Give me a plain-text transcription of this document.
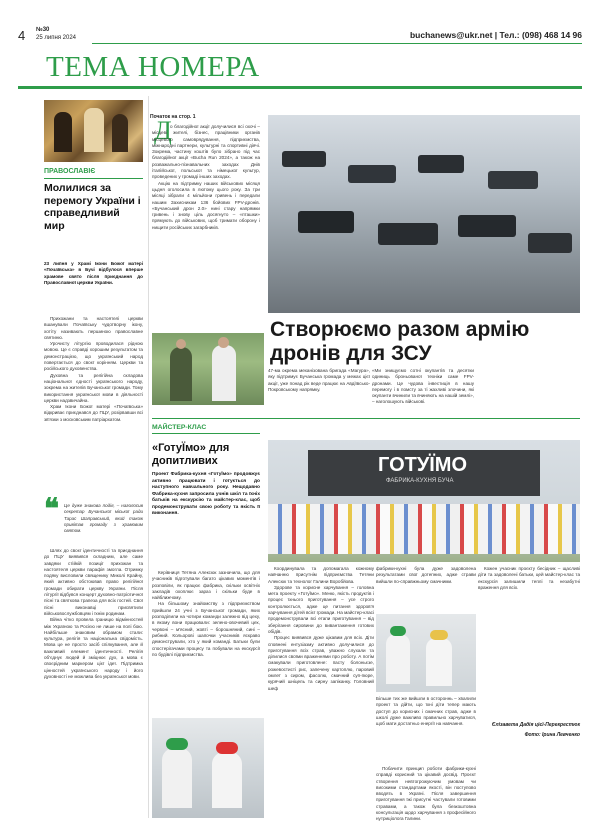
4 №30
25 липня 2024	buchanews@ukr.net | Тел.: (098) 468 14 96
ТЕМА НОМЕРА
ПРАВОСЛАВІЄ
Молилися за перемогу України і справедливий мир
23 липня у Храмі Ікони Божої матері «Почаївська» в Бучі відбулося вперше храмове свято після приєднання до Православної церкви України.

Прихожани та настоятелі церкви вшанували Почаївську чудотворну ікону, хотіту називають першиною православне святиню.

Урочисту літургію проводилася рідною мовою. Це є справді хорошим результатом та демонстрацією, що український народ повертається до своєї корінням. Церкви та російського духовенства.

Духовна та релігійна складова національної єдності українського народу, зокрема на жителів Бучанської громади. Тому використання української мови в діяльності церкви надзвичайна.

Храм Ікони Божої матері «Почаївська» відкриває приєднався до ПЦУ, розірвавши всі зв'язки з московським патріархатом.

❝ Це дуже знакова подія, – наголосив секретар Бучанської міської ради Тарас Шаправський, який також привітав громаду з храмовим святом.

Шлях до своєї ідентичності та приєднання до ПЦУ виявився складним, але саме завдяки стійкій позиції прихожан та настоятеля церкви парафія змогла. Отримку подяку висловили священику Миколі Крайну, який активно обстоював право релігійної громади обирати церкву України. Після літургії відбувся концерт духовно-патріотичної пісні та святкова трапеза для всіх гостей. Свої пісні виконавці присвятили військовослужбовцям і їхнім родинам.

Війна чітко провела границю відмінностей між Україною та Росією не лише на полі бою. Найбільше знаковим обрамом стали: культура, релігія та національна свідомість. Мова це не просто засіб спілкування, але й важливий елемент ідентичності. Релігія об'єднує людей й зміцнює дух, а мова є своєрідним маркером цієї ідеї. Підтримка цінностей українського народу і його духовності не можлива без української мови.

Початок на стор. 1
Д

о благодійної акції долучилися всі охочі – місцеві жителі, бізнес, працівники органів місцевого самоврядування, підприємства, міжнародні партнери, культурні та спортивні діячі. Зокрема, частину коштів було зібрано під час благодійної акції «Bucha Run 2024», а також на розважально-пізнавальних заходах Днів італійської, польської та німецької культур, проведених у громаді інших заходах.

Акцію на підтримку наших військових місяця цьдня оголосила в лютому цього року. За три місяці зібрали 4 мільйони гривень і передали нашим Захисникам 136 бойових FPV-дронів. «Бучанський дрон 2.0» нині стару напрямки гривень і знову ціль досягнуто – «пташки» прямують до військових, щоб тримати оборону і нищити російських загарбників.

Створюємо разом армію дронів для ЗСУ
47-ма окрема механізована бригада «Магура», яку підтримує Бучанська громада у межах цієї акції, уже понад рік веде працює на Авдіївсько-Покровському напрямку.
«Ми знищуємо сотні окупантів та десятки одиниць броньованої техніки саме FPV-дронами. Це чудова інвестиція в нашу перемогу і в помсту за ті жахливі злочини, які окупанти вчинили та вчиняють на нашій землі», – наголошують військові.
МАЙСТЕР-КЛАС
«ГотуЇмо» для допитливих
Проект Фабрика-кухня «ГотуЇмо» продовжує активно працювати і готується до наступного навчального року. Нещодавно Фабрика-кухня запросила учнів шкіл та їхніх батьків на екскурсію та майстер-клас, щоб продемонструвати свою роботу та якість її виконання.

Керівниця Тетяна Алексюк зазначила, що для учасників підготували багато цікавих моментів і розповіли, як працює фабрика, скільки освітніх закладів охоплює зараз і скільки буде в найближчому.

На більшому знайомству з підприємством прийшли 24 учні з Бучанської громади, яких розподілили на чотири команди залежно від цеху, в якому вони працювали: зелено-овочевий цех, червоні – м'ясний, жовті – борошняний, сині – рибний. Кольорові шапочки учасників яскраво демонстрували, хто у який команді. Батьки були спостерігачами процесу та побували на екскурсії по будівлі підприємства.

ГОТУЇМО
ФАБРИКА-КУХНЯ БУЧА

Координувала та допомагала кожному навчанню присутнім підприємства Тетяни Алексюк та технолог Галини Воробйова.

Здорове та корисне харчування – головна мета проекту «ГотуЇмо». Меню, якість продуктів і процес їхнього приготування – усе строго контролюється, адже це питання здоров'я харчування дітей всієї громади. На майстер-класі продемонстрували всі етапи приготування – від зберігання сировини до вивантаження готових обідів.

Процес виявився дуже цікавим для всіх. Діти сповнені ентузіазму активно долучилися до приготування всіх страв, уважно слухали та ділилися своїми враженнями про роботу. А потім смакували приготовлене: пасту болоньєзе, рожевостисті рис, запечену картоплю, паровий омлет з сиром, фасолю, смачний суп-пюре, курячий шніцель та сирну запіканку. Головний шеф

фабрики-кухні була дуже задоволена результатами свої дотепних, адже страви вийшли по-справжньому смачними.
Більше тих же вийшли в остороннь – хвалили проект та дійти, що їхні діти тепер мають доступ до корисних і смачних страв, адже в школі дуже важливо правильно харчуватися, щоб мати достатньо енергії на навчання.

Побачити принцип роботи фабрики-кухні справді корисний та цікавий досвід. Проєкт створення невтогрожуючим умовам чи високими стандартами якості, він поступово вводять в Україні. Після завершення приготування їжі присутні частували готовими стравами, а також була безкоштовна консультація щодо харчування з професійного нутриціолога Галини.

Кожен учасник проєкту бесідник – щасливі діти та задоволені батьки, цей майстер-клас та екскурсія залишили теплі та незабутні враження для всіх.

Єлізавета Дадія цієї-Перекрестюк
Фото: Ірина Левченко
